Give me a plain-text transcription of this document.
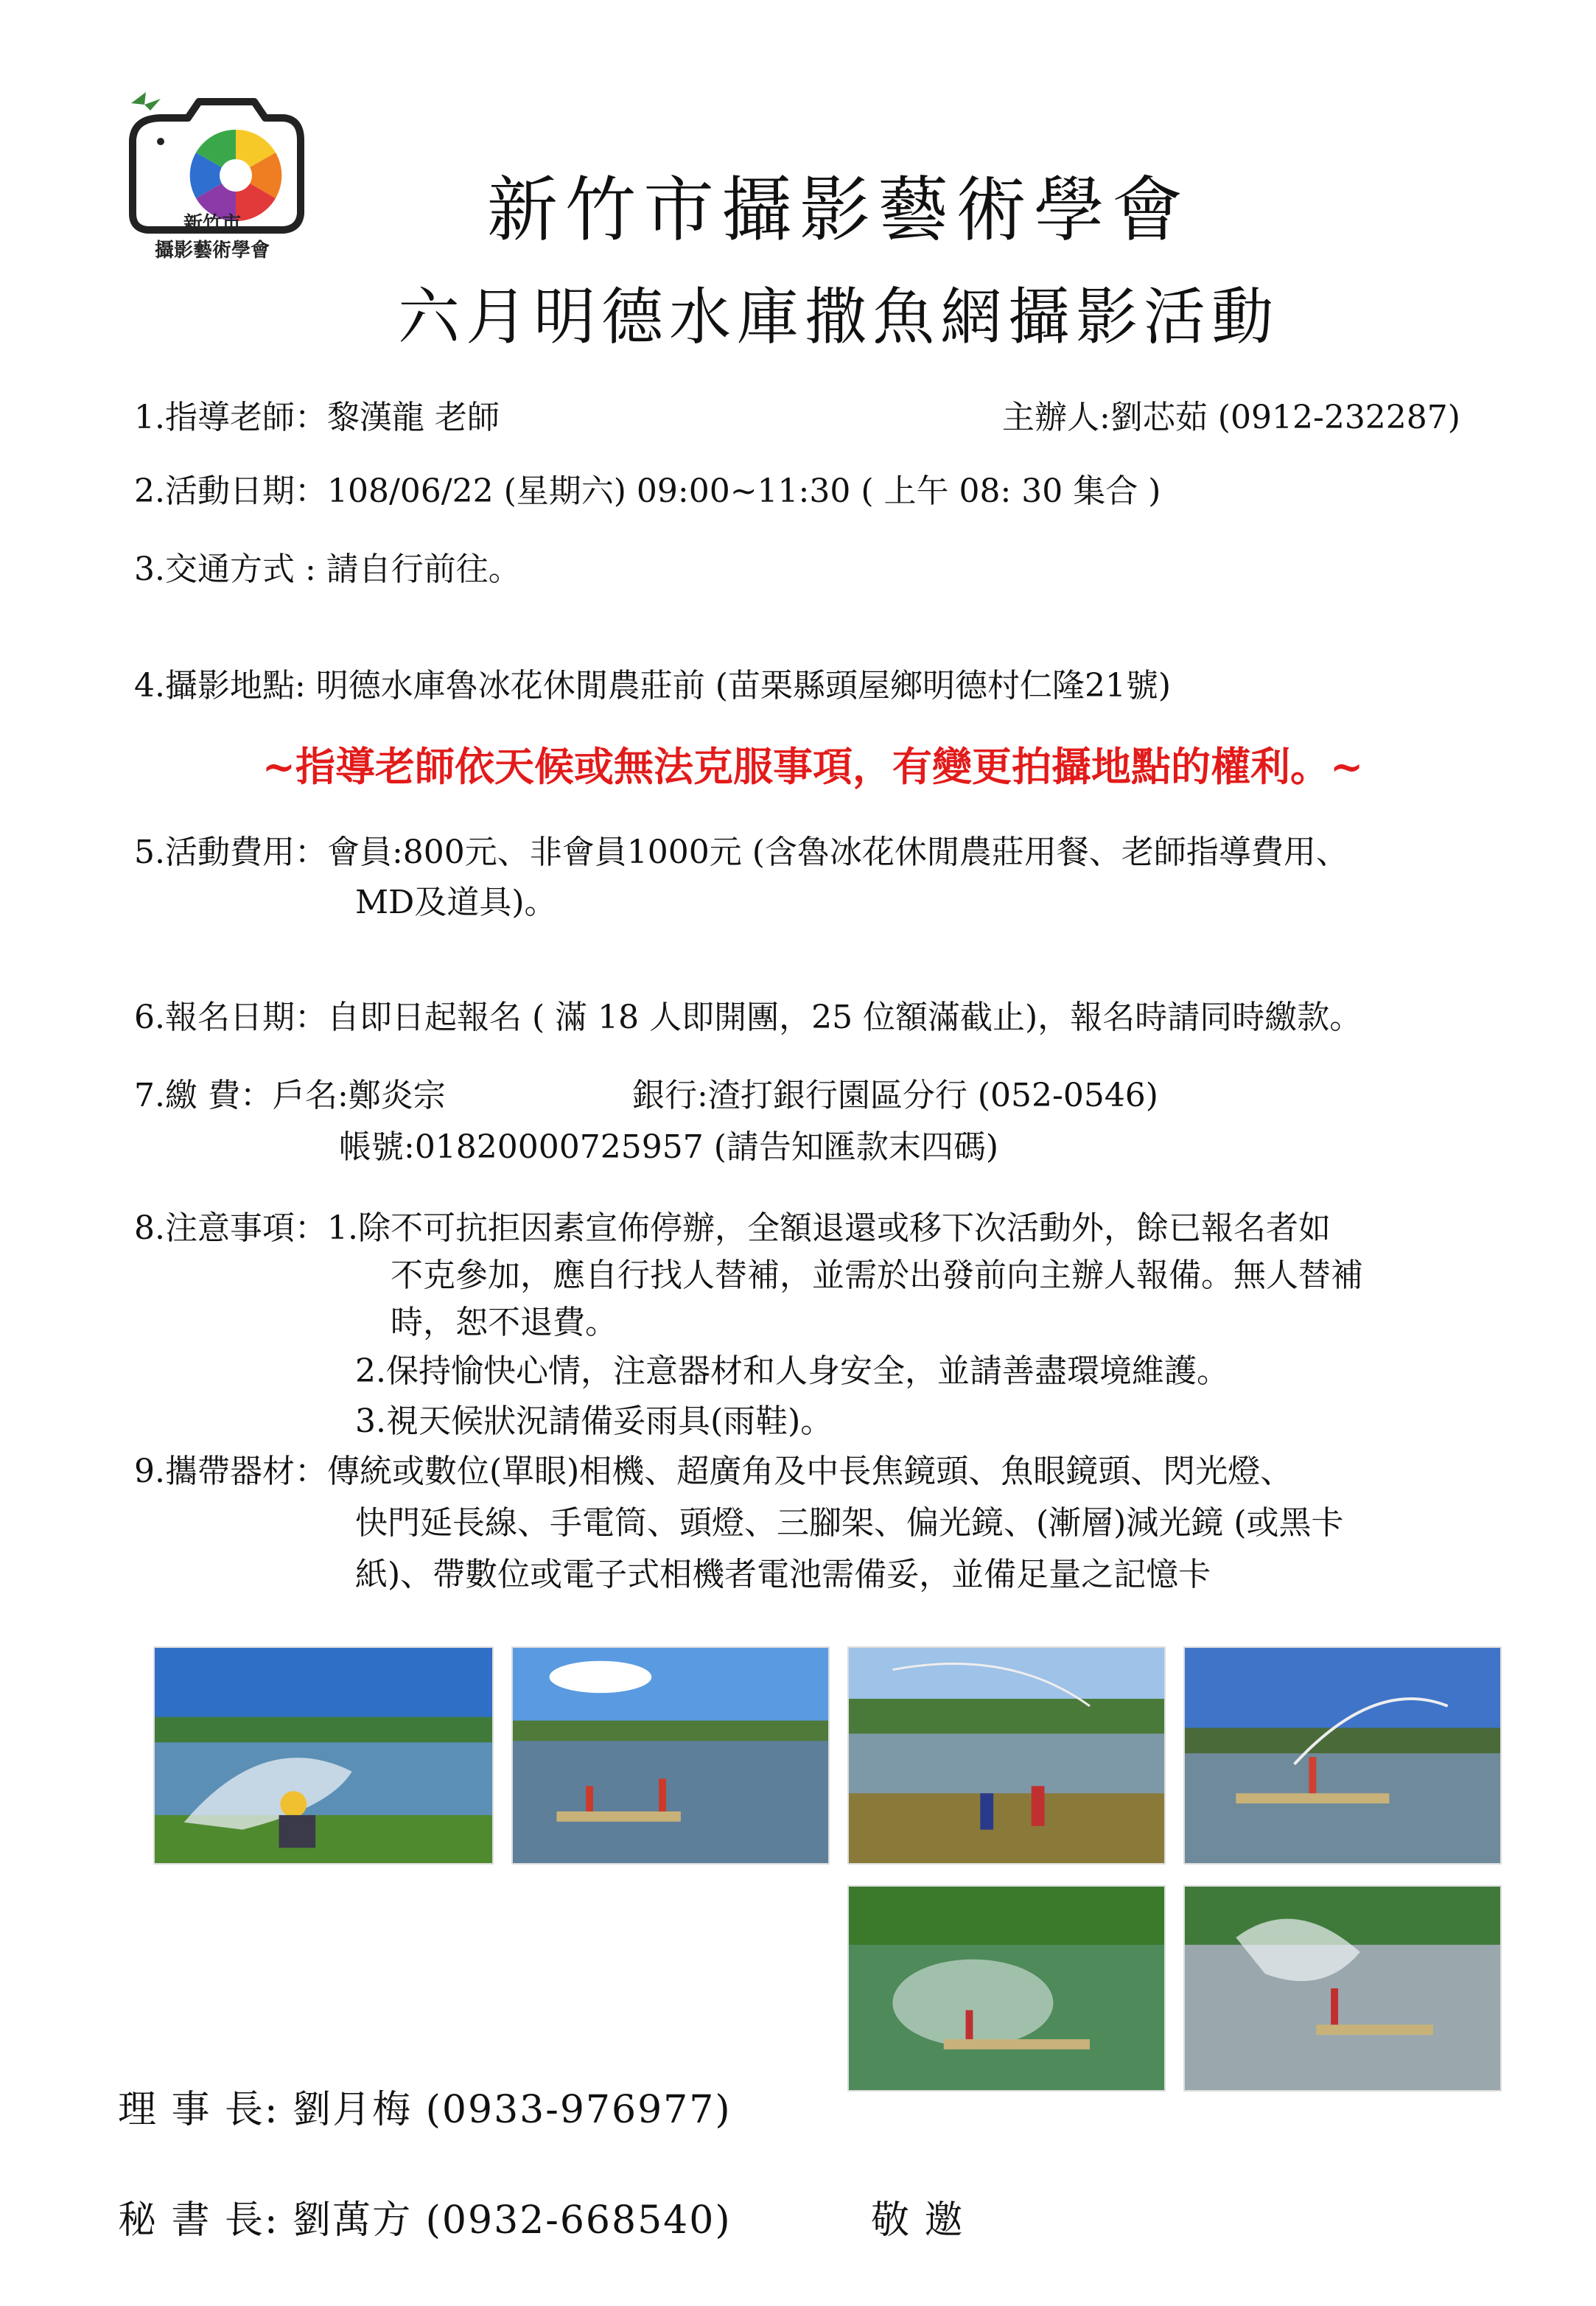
新竹市
攝影藝術學會	新竹市攝影藝術學會
六月明德水庫撒魚網攝影活動
1.指導老師：黎漢龍 老師	主辦人:劉芯茹 (0912-232287)
2.活動日期：108/06/22 (星期六) 09:00~11:30 ( 上午 08: 30 集合 )
3.交通方式 : 請自行前往。
4.攝影地點: 明德水庫魯冰花休閒農莊前 (苗栗縣頭屋鄉明德村仁隆21號)
~指導老師依天候或無法克服事項，有變更拍攝地點的權利。~
5.活動費用：會員:800元、非會員1000元 (含魯冰花休閒農莊用餐、老師指導費用、
MD及道具)。
6.報名日期：自即日起報名 ( 滿 18 人即開團，25 位額滿截止)，報名時請同時繳款。
7.繳 費：戶名:鄭炎宗	銀行:渣打銀行園區分行 (052-0546)
帳號:01820000725957 (請告知匯款末四碼)
8.注意事項：1.除不可抗拒因素宣佈停辦，全額退還或移下次活動外，餘已報名者如
不克參加，應自行找人替補，並需於出發前向主辦人報備。無人替補
時，恕不退費。
2.保持愉快心情，注意器材和人身安全，並請善盡環境維護。
3.視天候狀況請備妥雨具(雨鞋)。
9.攜帶器材：傳統或數位(單眼)相機、超廣角及中長焦鏡頭、魚眼鏡頭、閃光燈、
快門延長線、手電筒、頭燈、三腳架、偏光鏡、(漸層)減光鏡 (或黑卡
紙)、帶數位或電子式相機者電池需備妥，並備足量之記憶卡
理 事 長: 劉月梅 (0933-976977)
秘 書 長: 劉萬方 (0932-668540)	敬 邀
